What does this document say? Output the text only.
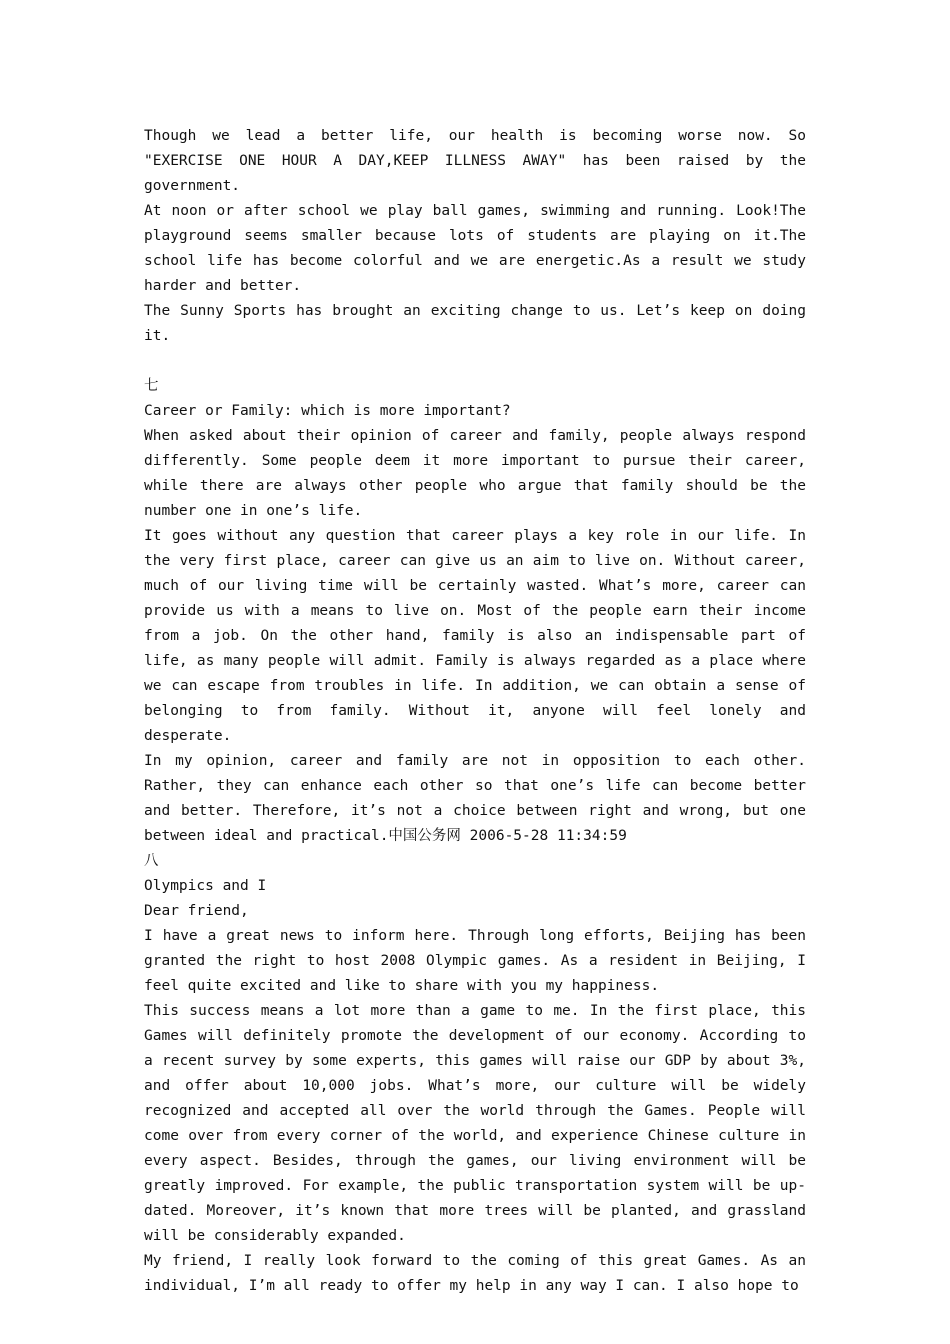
Though we lead a better life, our health is becoming worse now. So "EXERCISE ONE HOUR A DAY,KEEP ILLNESS AWAY" has been raised by the government.

At noon or after school we play ball games, swimming and running. Look!The playground seems smaller because lots of students are playing on it.The school life has become colorful and we are energetic.As a result we study harder and better.

The Sunny Sports has brought an exciting change to us. Let’s keep on doing it.

七

Career or Family: which is more important?

When asked about their opinion of career and family, people always respond differently. Some people deem it more important to pursue their career, while there are always other people who argue that family should be the number one in one’s life.

It goes without any question that career plays a key role in our life. In the very first place, career can give us an aim to live on. Without career, much of our living time will be certainly wasted. What’s more, career can provide us with a means to live on. Most of the people earn their income from a job. On the other hand, family is also an indispensable part of life, as many people will admit. Family is always regarded as a place where we can escape from troubles in life. In addition, we can obtain a sense of belonging to from family. Without it, anyone will feel lonely and desperate.

In my opinion, career and family are not in opposition to each other. Rather, they can enhance each other so that one’s life can become better and better. Therefore, it’s not a choice between right and wrong, but one between ideal and practical.中国公务网 2006-5-28 11:34:59

八

Olympics and I

Dear friend,

I have a great news to inform here. Through long efforts, Beijing has been granted the right to host 2008 Olympic games. As a resident in Beijing, I feel quite excited and like to share with you my happiness.

This success means a lot more than a game to me. In the first place, this Games will definitely promote the development of our economy. According to a recent survey by some experts, this games will raise our GDP by about 3%, and offer about 10,000 jobs. What’s more, our culture will be widely recognized and accepted all over the world through the Games. People will come over from every corner of the world, and experience Chinese culture in every aspect. Besides, through the games, our living environment will be greatly improved. For example, the public transportation system will be up-dated. Moreover, it’s known that more trees will be planted, and grassland will be considerably expanded.

My friend, I really look forward to the coming of this great Games. As an individual, I’m all ready to offer my help in any way I can. I also hope to
